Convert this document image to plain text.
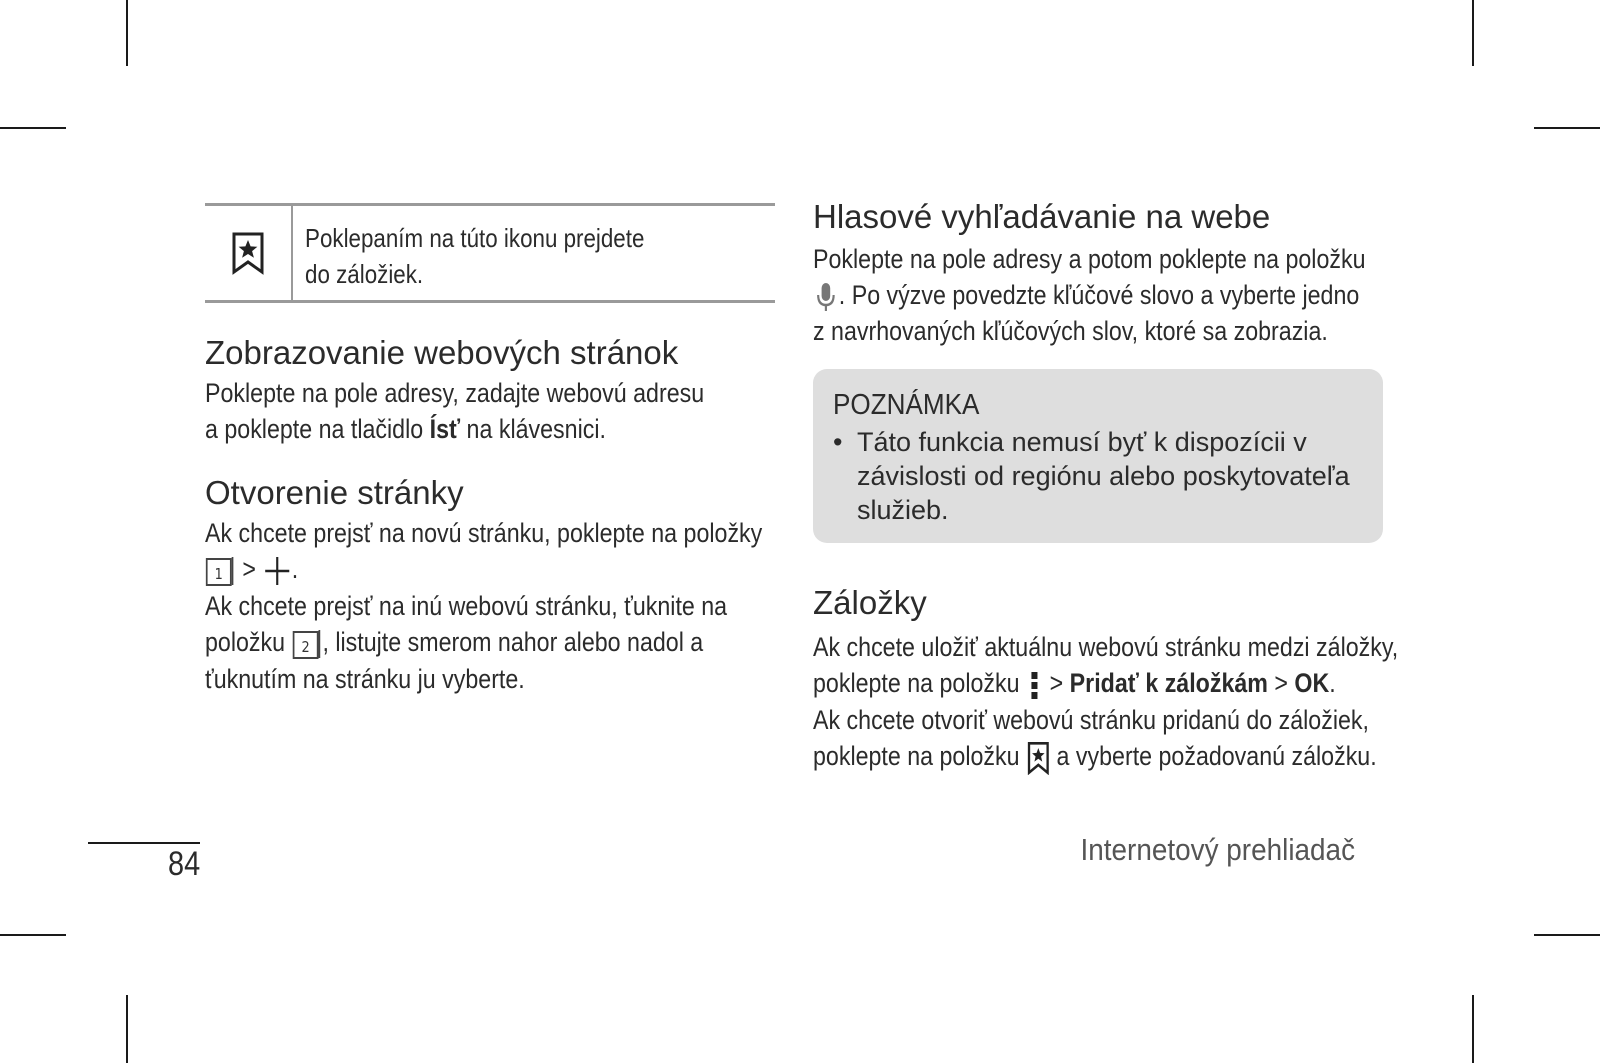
Poklepaním na túto ikonu prejdete
do záložiek.
Zobrazovanie webových stránok

Poklepte na pole adresy, zadajte webovú adresu

a poklepte na tlačidlo Ísť na klávesnici.

Otvorenie stránky

Ak chcete prejsť na novú stránku, poklepte na položky

1 > .

Ak chcete prejsť na inú webovú stránku, ťuknite na

položku 2 , listujte smerom nahor alebo nadol a

ťuknutím na stránku ju vyberte.

Hlasové vyhľadávanie na webe

Poklepte na pole adresy a potom poklepte na položku

. Po výzve povedzte kľúčové slovo a vyberte jedno

z navrhovaných kľúčových slov, ktoré sa zobrazia.

POZNÁMKA
• Táto funkcia nemusí byť k dispozícii v závislosti od regiónu alebo poskytovateľa služieb.
Záložky

Ak chcete uložiť aktuálnu webovú stránku medzi záložky,

poklepte na položku  > Pridať k záložkám > OK.

Ak chcete otvoriť webovú stránku pridanú do záložiek,

poklepte na položku  a vyberte požadovanú záložku.

84	Internetový prehliadač
